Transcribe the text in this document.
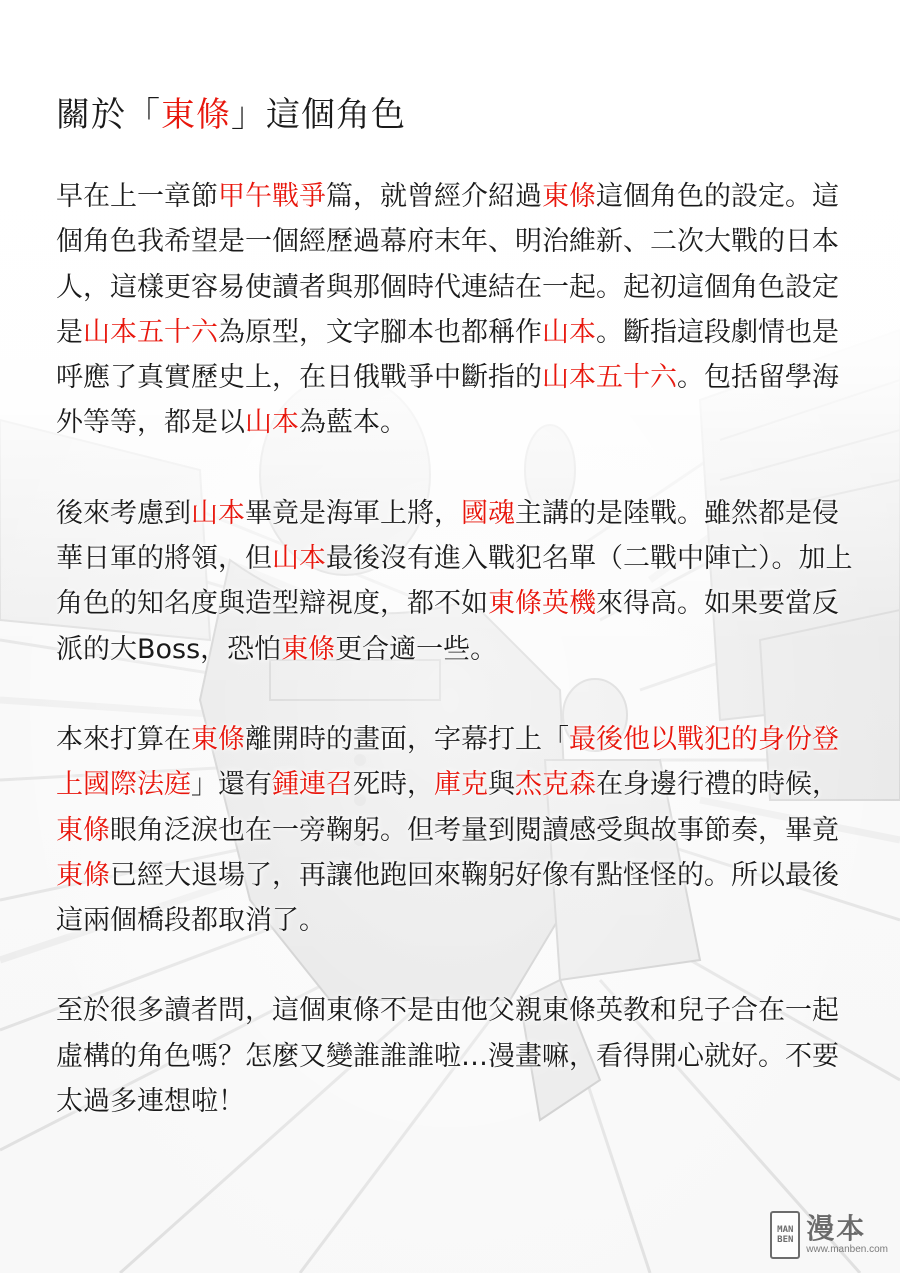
關於「東條」這個角色

早在上一章節甲午戰爭篇，就曾經介紹過東條這個角色的設定。這個角色我希望是一個經歷過幕府末年、明治維新、二次大戰的日本人，這樣更容易使讀者與那個時代連結在一起。起初這個角色設定是山本五十六為原型，文字腳本也都稱作山本。斷指這段劇情也是呼應了真實歷史上，在日俄戰爭中斷指的山本五十六。包括留學海外等等，都是以山本為藍本。

後來考慮到山本畢竟是海軍上將，國魂主講的是陸戰。雖然都是侵華日軍的將領，但山本最後沒有進入戰犯名單（二戰中陣亡）。加上角色的知名度與造型辯視度，都不如東條英機來得高。如果要當反派的大Boss，恐怕東條更合適一些。

本來打算在東條離開時的畫面，字幕打上「最後他以戰犯的身份登上國際法庭」還有鍾連召死時，庫克與杰克森在身邊行禮的時候，東條眼角泛淚也在一旁鞠躬。但考量到閱讀感受與故事節奏，畢竟東條已經大退場了，再讓他跑回來鞠躬好像有點怪怪的。所以最後這兩個橋段都取消了。

至於很多讀者問，這個東條不是由他父親東條英教和兒子合在一起虛構的角色嗎？怎麼又變誰誰誰啦…漫畫嘛，看得開心就好。不要太過多連想啦！

MAN
BEN 漫本
www.manben.com
